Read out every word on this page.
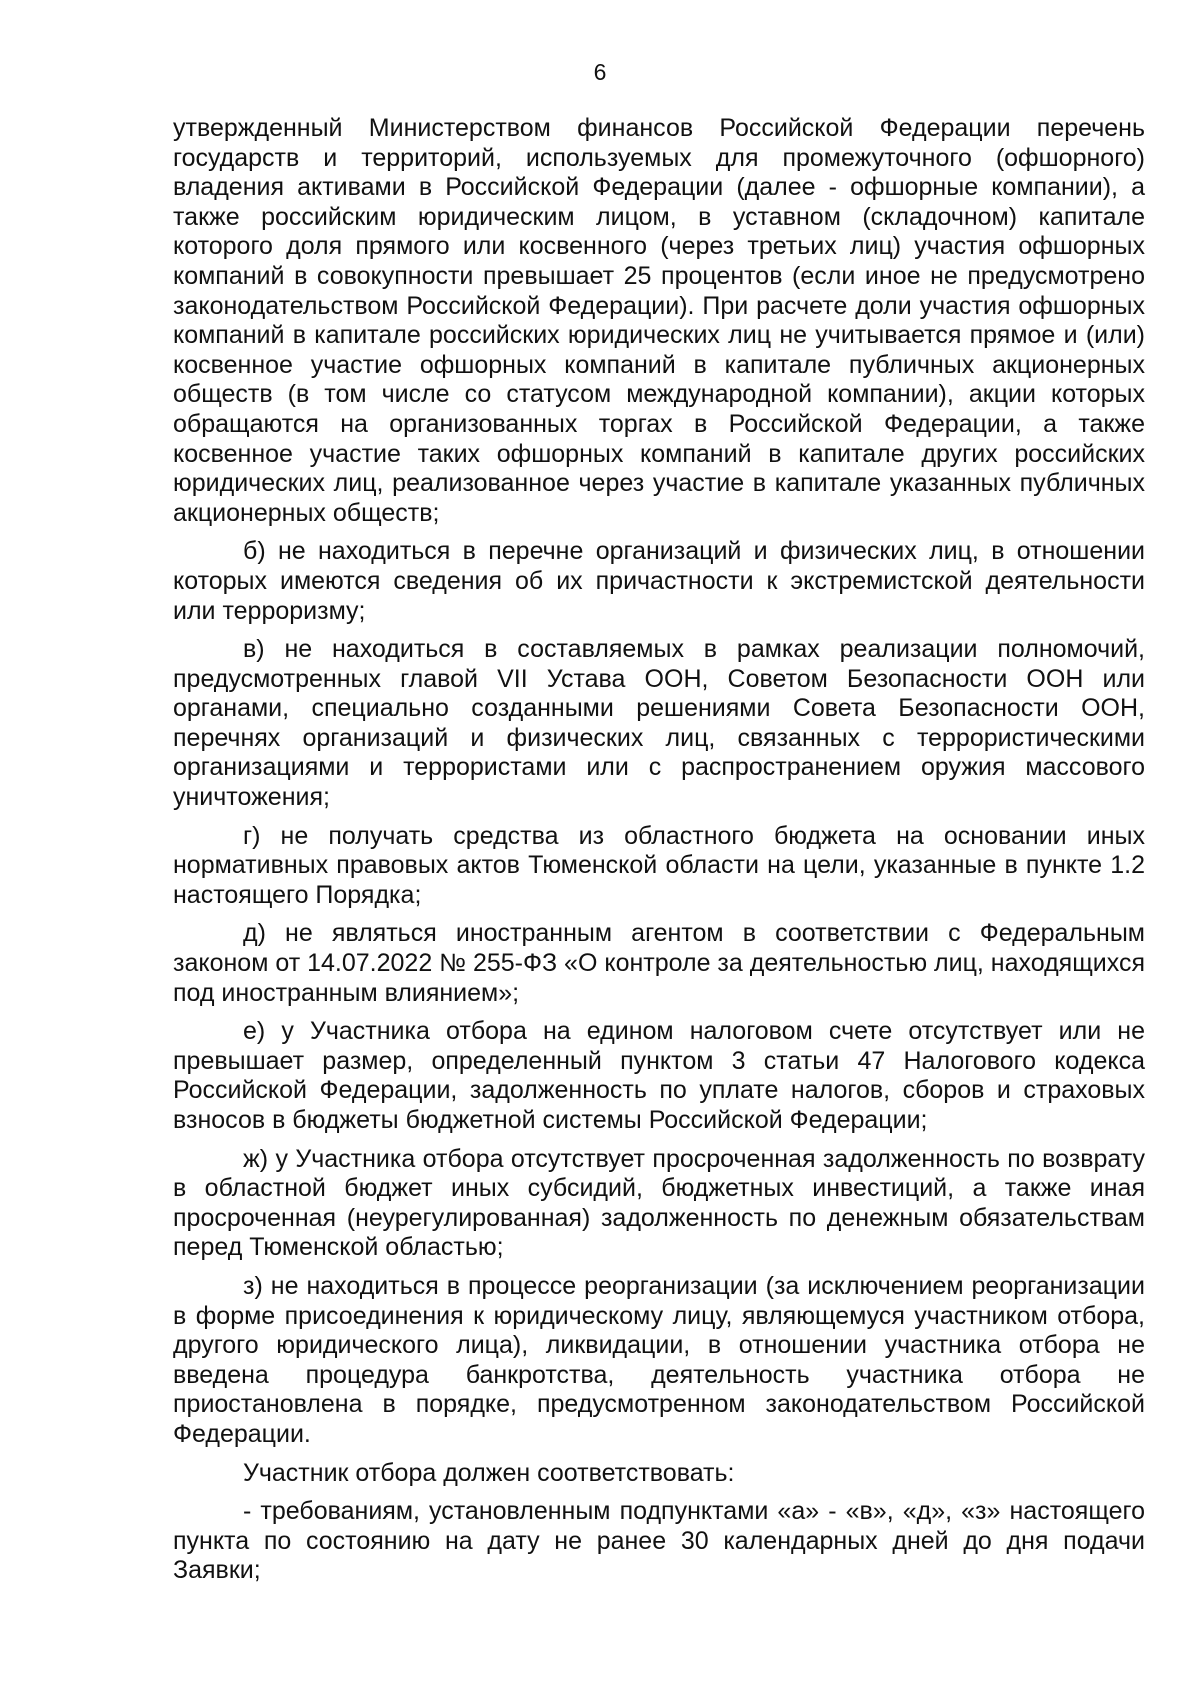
6

утвержденный Министерством финансов Российской Федерации перечень государств и территорий, используемых для промежуточного (офшорного) владения активами в Российской Федерации (далее - офшорные компании), а также российским юридическим лицом, в уставном (складочном) капитале которого доля прямого или косвенного (через третьих лиц) участия офшорных компаний в совокупности превышает 25 процентов (если иное не предусмотрено законодательством Российской Федерации). При расчете доли участия офшорных компаний в капитале российских юридических лиц не учитывается прямое и (или) косвенное участие офшорных компаний в капитале публичных акционерных обществ (в том числе со статусом международной компании), акции которых обращаются на организованных торгах в Российской Федерации, а также косвенное участие таких офшорных компаний в капитале других российских юридических лиц, реализованное через участие в капитале указанных публичных акционерных обществ;

б) не находиться в перечне организаций и физических лиц, в отношении которых имеются сведения об их причастности к экстремистской деятельности или терроризму;

в) не находиться в составляемых в рамках реализации полномочий, предусмотренных главой VII Устава ООН, Советом Безопасности ООН или органами, специально созданными решениями Совета Безопасности ООН, перечнях организаций и физических лиц, связанных с террористическими организациями и террористами или с распространением оружия массового уничтожения;

г) не получать средства из областного бюджета на основании иных нормативных правовых актов Тюменской области на цели, указанные в пункте 1.2 настоящего Порядка;

д) не являться иностранным агентом в соответствии с Федеральным законом от 14.07.2022 № 255-ФЗ «О контроле за деятельностью лиц, находящихся под иностранным влиянием»;

е) у Участника отбора на едином налоговом счете отсутствует или не превышает размер, определенный пунктом 3 статьи 47 Налогового кодекса Российской Федерации, задолженность по уплате налогов, сборов и страховых взносов в бюджеты бюджетной системы Российской Федерации;

ж) у Участника отбора отсутствует просроченная задолженность по возврату в областной бюджет иных субсидий, бюджетных инвестиций, а также иная просроченная (неурегулированная) задолженность по денежным обязательствам перед Тюменской областью;

з) не находиться в процессе реорганизации (за исключением реорганизации в форме присоединения к юридическому лицу, являющемуся участником отбора, другого юридического лица), ликвидации, в отношении участника отбора не введена процедура банкротства, деятельность участника отбора не приостановлена в порядке, предусмотренном законодательством Российской Федерации.

Участник отбора должен соответствовать:

- требованиям, установленным подпунктами «а» - «в», «д», «з» настоящего пункта по состоянию на дату не ранее 30 календарных дней до дня подачи Заявки;
